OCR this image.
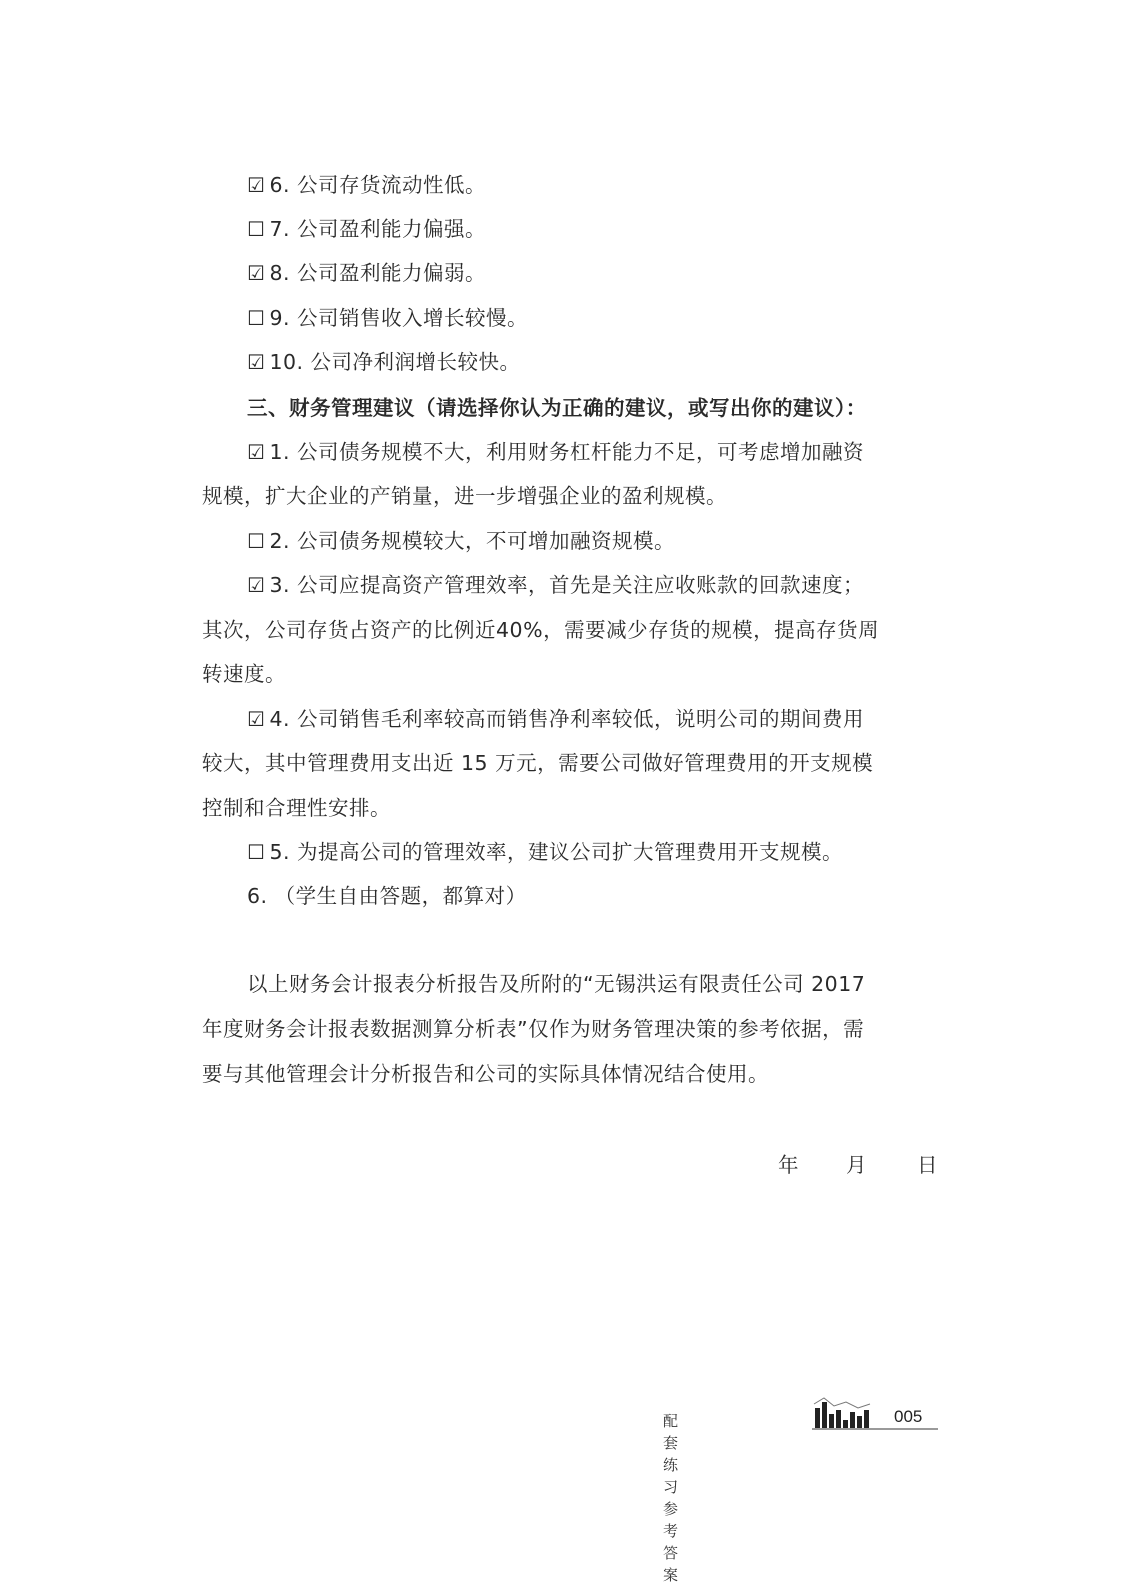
☑ 6. 公司存货流动性低。
☐ 7. 公司盈利能力偏强。
☑ 8. 公司盈利能力偏弱。
☐ 9. 公司销售收入增长较慢。
☑ 10. 公司净利润增长较快。
三、财务管理建议（请选择你认为正确的建议，或写出你的建议）：
☑ 1. 公司债务规模不大，利用财务杠杆能力不足，可考虑增加融资
规模，扩大企业的产销量，进一步增强企业的盈利规模。
☐ 2. 公司债务规模较大，不可增加融资规模。
☑ 3. 公司应提高资产管理效率，首先是关注应收账款的回款速度；
其次，公司存货占资产的比例近40%，需要减少存货的规模，提高存货周
转速度。
☑ 4. 公司销售毛利率较高而销售净利率较低，说明公司的期间费用
较大，其中管理费用支出近 15 万元，需要公司做好管理费用的开支规模
控制和合理性安排。
☐ 5. 为提高公司的管理效率，建议公司扩大管理费用开支规模。
6. （学生自由答题，都算对）
以上财务会计报表分析报告及所附的“无锡洪运有限责任公司 2017
年度财务会计报表数据测算分析表”仅作为财务管理决策的参考依据，需
要与其他管理会计分析报告和公司的实际具体情况结合使用。
年 月 日
配套练习参考答案
005
